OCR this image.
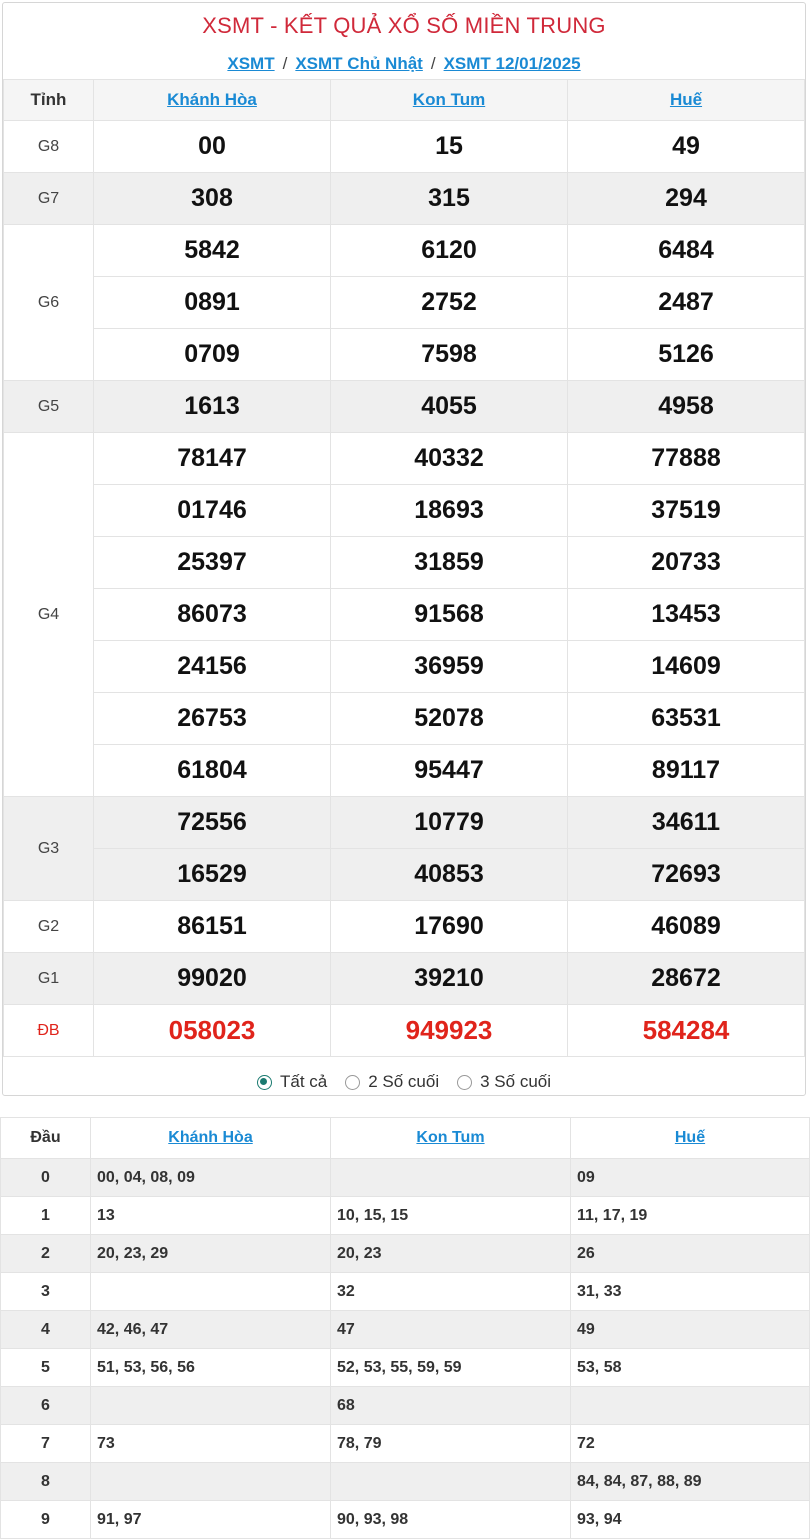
XSMT - KẾT QUẢ XỔ SỐ MIỀN TRUNG
XSMT / XSMT Chủ Nhật / XSMT 12/01/2025
Tỉnh	Khánh Hòa	Kon Tum	Huế
G8	00	15	49
G7	308	315	294
G6	5842	6120	6484
	0891	2752	2487
	0709	7598	5126
G5	1613	4055	4958
G4	78147	40332	77888
	01746	18693	37519
	25397	31859	20733
	86073	91568	13453
	24156	36959	14609
	26753	52078	63531
	61804	95447	89117
G3	72556	10779	34611
	16529	40853	72693
G2	86151	17690	46089
G1	99020	39210	28672
ĐB	058023	949923	584284
Tất cả 2 Số cuối 3 Số cuối
Đầu	Khánh Hòa	Kon Tum	Huế
0	00, 04, 08, 09		09
1	13	10, 15, 15	11, 17, 19
2	20, 23, 29	20, 23	26
3		32	31, 33
4	42, 46, 47	47	49
5	51, 53, 56, 56	52, 53, 55, 59, 59	53, 58
6		68	
7	73	78, 79	72
8			84, 84, 87, 88, 89
9	91, 97	90, 93, 98	93, 94
